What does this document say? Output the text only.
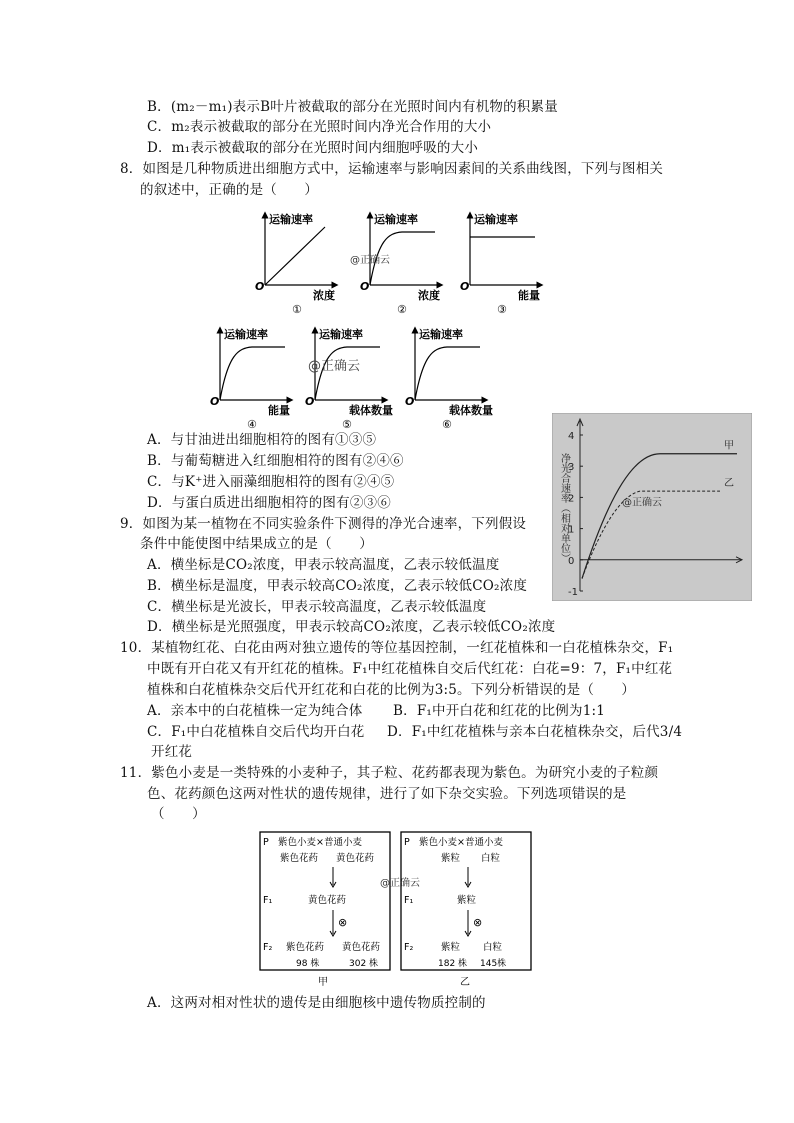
B．(m₂－m₁)表示B叶片被截取的部分在光照时间内有机物的积累量
C．m₂表示被截取的部分在光照时间内净光合作用的大小
D．m₁表示被截取的部分在光照时间内细胞呼吸的大小
8．如图是几种物质进出细胞方式中，运输速率与影响因素间的关系曲线图，下列与图相关
的叙述中，正确的是（　　）
运输速率
浓度
O
①
运输速率
浓度
O
②
运输速率
能量
O
③
运输速率
能量
O
④
运输速率
载体数量
O
⑤
运输速率
载体数量
O
⑥
@正确云
@正确云
A．与甘油进出细胞相符的图有①③⑤
B．与葡萄糖进入红细胞相符的图有②④⑥
C．与K⁺进入丽藻细胞相符的图有②④⑤
D．与蛋白质进出细胞相符的图有②③⑥
4
3
2
1
0
-1
净光合速率（相对单位）
甲
乙
@正确云
9．如图为某一植物在不同实验条件下测得的净光合速率，下列假设
条件中能使图中结果成立的是（　　）
A．横坐标是CO₂浓度，甲表示较高温度，乙表示较低温度
B．横坐标是温度，甲表示较高CO₂浓度，乙表示较低CO₂浓度
C．横坐标是光波长，甲表示较高温度，乙表示较低温度
D．横坐标是光照强度，甲表示较高CO₂浓度，乙表示较低CO₂浓度
10．某植物红花、白花由两对独立遗传的等位基因控制，一红花植株和一白花植株杂交，F₁
中既有开白花又有开红花的植株。F₁中红花植株自交后代红花：白花=9：7，F₁中红花
植株和白花植株杂交后代开红花和白花的比例为3:5。下列分析错误的是（　　）
A．亲本中的白花植株一定为纯合体 B．F₁中开白花和红花的比例为1:1
C．F₁中白花植株自交后代均开白花 D．F₁中红花植株与亲本白花植株杂交，后代3/4
开红花
11．紫色小麦是一类特殊的小麦种子，其子粒、花药都表现为紫色。为研究小麦的子粒颜
色、花药颜色这两对性状的遗传规律，进行了如下杂交实验。下列选项错误的是
（　　）
P 紫色小麦×普通小麦
紫色花药 黄色花药
F₁	黄色花药
⊗
F₂ 紫色花药 黄色花药
98 株	302 株
甲
P 紫色小麦×普通小麦
紫粒 白粒
F₁	紫粒
⊗
F₂	紫粒 白粒
182 株 145株
乙
@正确云
A．这两对相对性状的遗传是由细胞核中遗传物质控制的
